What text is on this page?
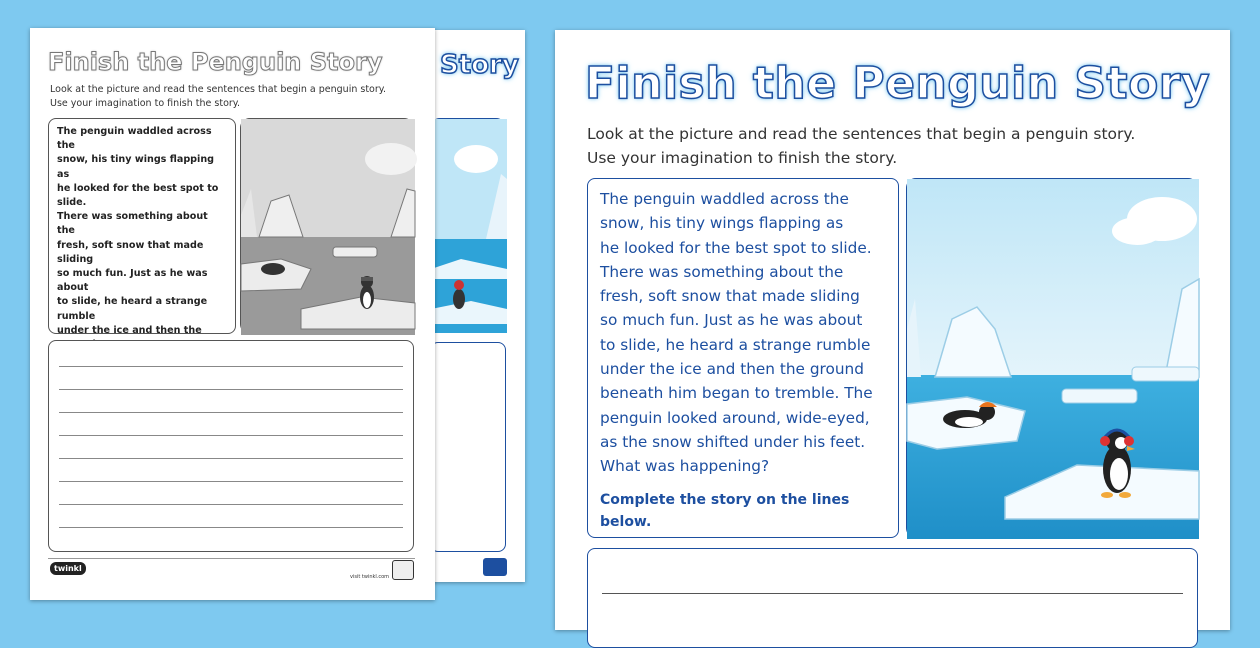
Story
Finish the Penguin Story
Look at the picture and read the sentences that begin a penguin story.
Use your imagination to finish the story.
The penguin waddled across the
snow, his tiny wings flapping as
he looked for the best spot to slide.
There was something about the
fresh, soft snow that made sliding
so much fun. Just as he was about
to slide, he heard a strange rumble
under the ice and then the
twinkl
visit twinkl.com
Finish the Penguin Story
Look at the picture and read the sentences that begin a penguin story.
Use your imagination to finish the story.
The penguin waddled across the
snow, his tiny wings flapping as
he looked for the best spot to slide.
There was something about the
fresh, soft snow that made sliding
so much fun. Just as he was about
to slide, he heard a strange rumble
under the ice and then the ground
beneath him began to tremble. The
penguin looked around, wide-eyed,
as the snow shifted under his feet.
What was happening?
Complete the story on the lines
below.
